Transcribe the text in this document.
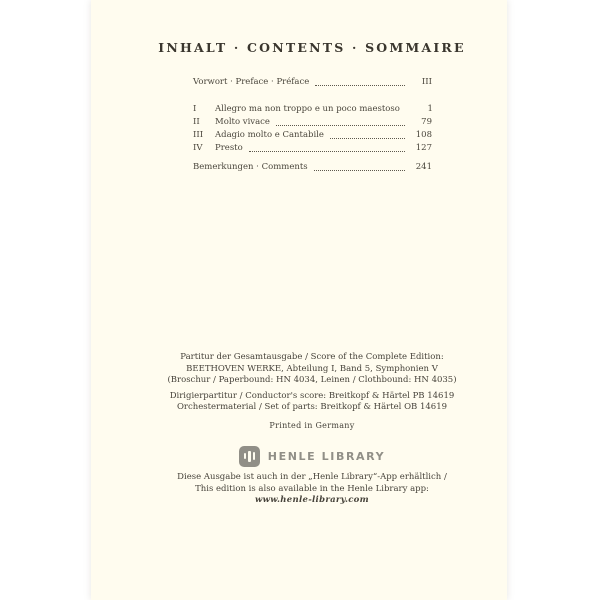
INHALT · CONTENTS · SOMMAIRE
Vorwort · Preface · Préface	III
I	Allegro ma non troppo e un poco maestoso	1
II	Molto vivace	79
III	Adagio molto e Cantabile	108
IV	Presto	127
Bemerkungen · Comments	241
Partitur der Gesamtausgabe / Score of the Complete Edition:
BEETHOVEN WERKE, Abteilung I, Band 5, Symphonien V
(Broschur / Paperbound: HN 4034, Leinen / Clothbound: HN 4035)
Dirigierpartitur / Conductor's score: Breitkopf & Härtel PB 14619
Orchestermaterial / Set of parts: Breitkopf & Härtel OB 14619
Printed in Germany
HENLE LIBRARY
Diese Ausgabe ist auch in der „Henle Library“-App erhältlich /
This edition is also available in the Henle Library app:
www.henle-library.com
